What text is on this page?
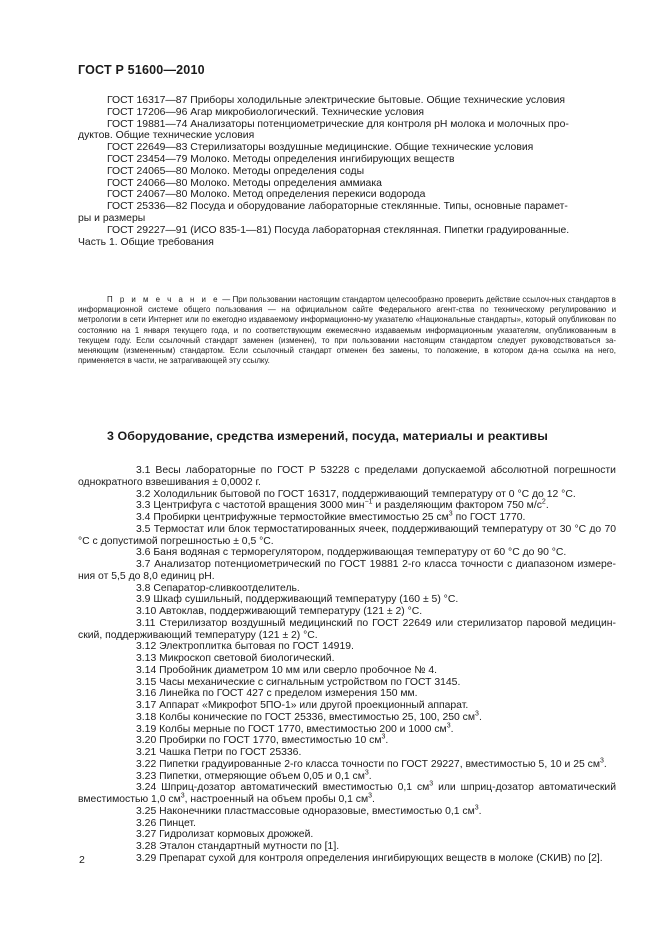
ГОСТ Р 51600—2010
ГОСТ 16317—87 Приборы холодильные электрические бытовые. Общие технические условия
ГОСТ 17206—96 Агар микробиологический. Технические условия
ГОСТ 19881—74 Анализаторы потенциометрические для контроля рН молока и молочных про-
дуктов. Общие технические условия
ГОСТ 22649—83 Стерилизаторы воздушные медицинские. Общие технические условия
ГОСТ 23454—79 Молоко. Методы определения ингибирующих веществ
ГОСТ 24065—80 Молоко. Методы определения соды
ГОСТ 24066—80 Молоко. Методы определения аммиака
ГОСТ 24067—80 Молоко. Метод определения перекиси водорода
ГОСТ 25336—82 Посуда и оборудование лабораторные стеклянные. Типы, основные парамет-
ры и размеры
ГОСТ 29227—91 (ИСО 835-1—81) Посуда лабораторная стеклянная. Пипетки градуированные.
Часть 1. Общие требования
П р и м е ч а н и е — При пользовании настоящим стандартом целесообразно проверить действие ссылоч-ных стандартов в информационной системе общего пользования — на официальном сайте Федерального агент-ства по техническому регулированию и метрологии в сети Интернет или по ежегодно издаваемому информационно-му указателю «Национальные стандарты», который опубликован по состоянию на 1 января текущего года, и по соответствующим ежемесячно издаваемым информационным указателям, опубликованным в текущем году. Если ссылочный стандарт заменен (изменен), то при пользовании настоящим стандартом следует руководствоваться за-меняющим (измененным) стандартом. Если ссылочный стандарт отменен без замены, то положение, в котором да-на ссылка на него, применяется в части, не затрагивающей эту ссылку.
3 Оборудование, средства измерений, посуда, материалы и реактивы
3.1 Весы лабораторные по ГОСТ Р 53228 с пределами допускаемой абсолютной погрешности однократного взвешивания ± 0,0002 г.
3.2 Холодильник бытовой по ГОСТ 16317, поддерживающий температуру от 0 °С до 12 °С.
3.3 Центрифуга с частотой вращения 3000 мин$^{-1}$ и разделяющим фактором 750 $м/с^2$.
3.4 Пробирки центрифужные термостойкие вместимостью 25 $см^3$ по ГОСТ 1770.
3.5 Термостат или блок термостатированных ячеек, поддерживающий температуру от 30 °С до 70 °С с допустимой погрешностью ± 0,5 °С.
3.6 Баня водяная с терморегулятором, поддерживающая температуру от 60 °С до 90 °С.
3.7 Анализатор потенциометрический по ГОСТ 19881 2-го класса точности с диапазоном измере-ния от 5,5 до 8,0 единиц рН.
3.8 Сепаратор-сливкоотделитель.
3.9 Шкаф сушильный, поддерживающий температуру (160 ± 5) °С.
3.10 Автоклав, поддерживающий температуру (121 ± 2) °С.
3.11 Стерилизатор воздушный медицинский по ГОСТ 22649 или стерилизатор паровой медицин-ский, поддерживающий температуру (121 ± 2) °С.
3.12 Электроплитка бытовая по ГОСТ 14919.
3.13 Микроскоп световой биологический.
3.14 Пробойник диаметром 10 мм или сверло пробочное № 4.
3.15 Часы механические с сигнальным устройством по ГОСТ 3145.
3.16 Линейка по ГОСТ 427 с пределом измерения 150 мм.
3.17 Аппарат «Микрофот 5ПО-1» или другой проекционный аппарат.
3.18 Колбы конические по ГОСТ 25336, вместимостью 25, 100, 250 $см^3$.
3.19 Колбы мерные по ГОСТ 1770, вместимостью 200 и 1000 $см^3$.
3.20 Пробирки по ГОСТ 1770, вместимостью 10 $см^3$.
3.21 Чашка Петри по ГОСТ 25336.
3.22 Пипетки градуированные 2-го класса точности по ГОСТ 29227, вместимостью 5, 10 и 25 $см^3$.
3.23 Пипетки, отмеряющие объем 0,05 и 0,1 $см^3$.
3.24 Шприц-дозатор автоматический вместимостью 0,1 $см^3$ или шприц-дозатор автоматический вместимостью 1,0 $см^3$, настроенный на объем пробы 0,1 $см^3$.
3.25 Наконечники пластмассовые одноразовые, вместимостью 0,1 $см^3$.
3.26 Пинцет.
3.27 Гидролизат кормовых дрожжей.
3.28 Эталон стандартный мутности по [1].
3.29 Препарат сухой для контроля определения ингибирующих веществ в молоке (СКИВ) по [2].
2
